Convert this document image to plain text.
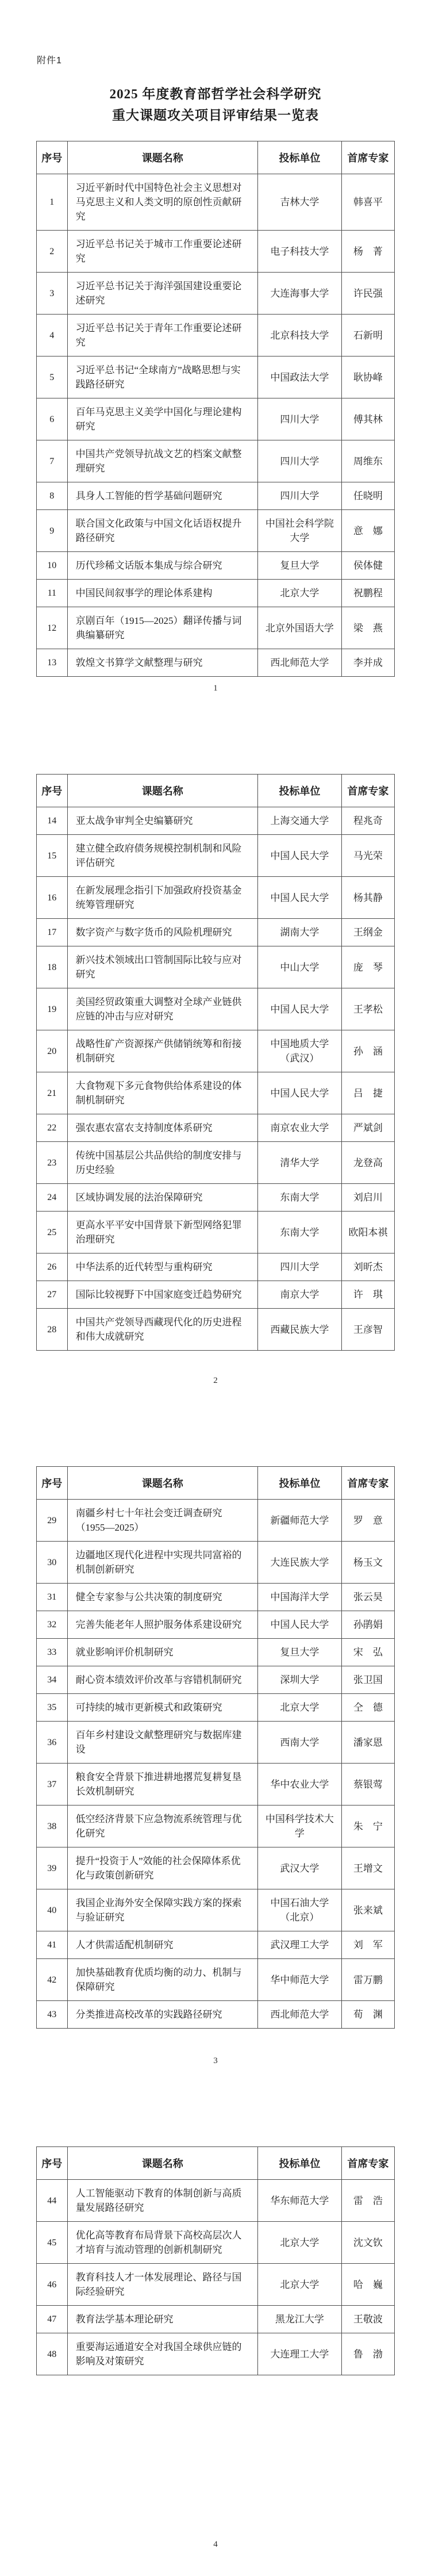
附件1
2025 年度教育部哲学社会科学研究
重大课题攻关项目评审结果一览表
序号	课题名称	投标单位	首席专家
1	习近平新时代中国特色社会主义思想对马克思主义和人类文明的原创性贡献研究	吉林大学	韩喜平
2	习近平总书记关于城市工作重要论述研究	电子科技大学	杨　菁
3	习近平总书记关于海洋强国建设重要论述研究	大连海事大学	许民强
4	习近平总书记关于青年工作重要论述研究	北京科技大学	石新明
5	习近平总书记“全球南方”战略思想与实践路径研究	中国政法大学	耿协峰
6	百年马克思主义美学中国化与理论建构研究	四川大学	傅其林
7	中国共产党领导抗战文艺的档案文献整理研究	四川大学	周维东
8	具身人工智能的哲学基础问题研究	四川大学	任晓明
9	联合国文化政策与中国文化话语权提升路径研究	中国社会科学院大学	意　娜
10	历代珍稀文话版本集成与综合研究	复旦大学	侯体健
11	中国民间叙事学的理论体系建构	北京大学	祝鹏程
12	京剧百年（1915—2025）翻译传播与词典编纂研究	北京外国语大学	梁　燕
13	敦煌文书算学文献整理与研究	西北师范大学	李并成
1
序号	课题名称	投标单位	首席专家
14	亚太战争审判全史编纂研究	上海交通大学	程兆奇
15	建立健全政府债务规模控制机制和风险评估研究	中国人民大学	马光荣
16	在新发展理念指引下加强政府投资基金统筹管理研究	中国人民大学	杨其静
17	数字资产与数字货币的风险机理研究	湖南大学	王纲金
18	新兴技术领域出口管制国际比较与应对研究	中山大学	庞　琴
19	美国经贸政策重大调整对全球产业链供应链的冲击与应对研究	中国人民大学	王孝松
20	战略性矿产资源探产供储销统筹和衔接机制研究	中国地质大学（武汉）	孙　涵
21	大食物观下多元食物供给体系建设的体制机制研究	中国人民大学	吕　捷
22	强农惠农富农支持制度体系研究	南京农业大学	严斌剑
23	传统中国基层公共品供给的制度安排与历史经验	清华大学	龙登高
24	区域协调发展的法治保障研究	东南大学	刘启川
25	更高水平平安中国背景下新型网络犯罪治理研究	东南大学	欧阳本祺
26	中华法系的近代转型与重构研究	四川大学	刘昕杰
27	国际比较视野下中国家庭变迁趋势研究	南京大学	许　琪
28	中国共产党领导西藏现代化的历史进程和伟大成就研究	西藏民族大学	王彦智
2
序号	课题名称	投标单位	首席专家
29	南疆乡村七十年社会变迁调查研究（1955—2025）	新疆师范大学	罗　意
30	边疆地区现代化进程中实现共同富裕的机制创新研究	大连民族大学	杨玉文
31	健全专家参与公共决策的制度研究	中国海洋大学	张云昊
32	完善失能老年人照护服务体系建设研究	中国人民大学	孙鹃娟
33	就业影响评价机制研究	复旦大学	宋　弘
34	耐心资本绩效评价改革与容错机制研究	深圳大学	张卫国
35	可持续的城市更新模式和政策研究	北京大学	仝　德
36	百年乡村建设文献整理研究与数据库建设	西南大学	潘家恩
37	粮食安全背景下推进耕地撂荒复耕复垦长效机制研究	华中农业大学	蔡银莺
38	低空经济背景下应急物流系统管理与优化研究	中国科学技术大学	朱　宁
39	提升“投资于人”效能的社会保障体系优化与政策创新研究	武汉大学	王增文
40	我国企业海外安全保障实践方案的探索与验证研究	中国石油大学（北京）	张来斌
41	人才供需适配机制研究	武汉理工大学	刘　军
42	加快基础教育优质均衡的动力、机制与保障研究	华中师范大学	雷万鹏
43	分类推进高校改革的实践路径研究	西北师范大学	荀　渊
3
序号	课题名称	投标单位	首席专家
44	人工智能驱动下教育的体制创新与高质量发展路径研究	华东师范大学	雷　浩
45	优化高等教育布局背景下高校高层次人才培育与流动管理的创新机制研究	北京大学	沈文钦
46	教育科技人才一体发展理论、路径与国际经验研究	北京大学	哈　巍
47	教育法学基本理论研究	黑龙江大学	王敬波
48	重要海运通道安全对我国全球供应链的影响及对策研究	大连理工大学	鲁　渤
4
